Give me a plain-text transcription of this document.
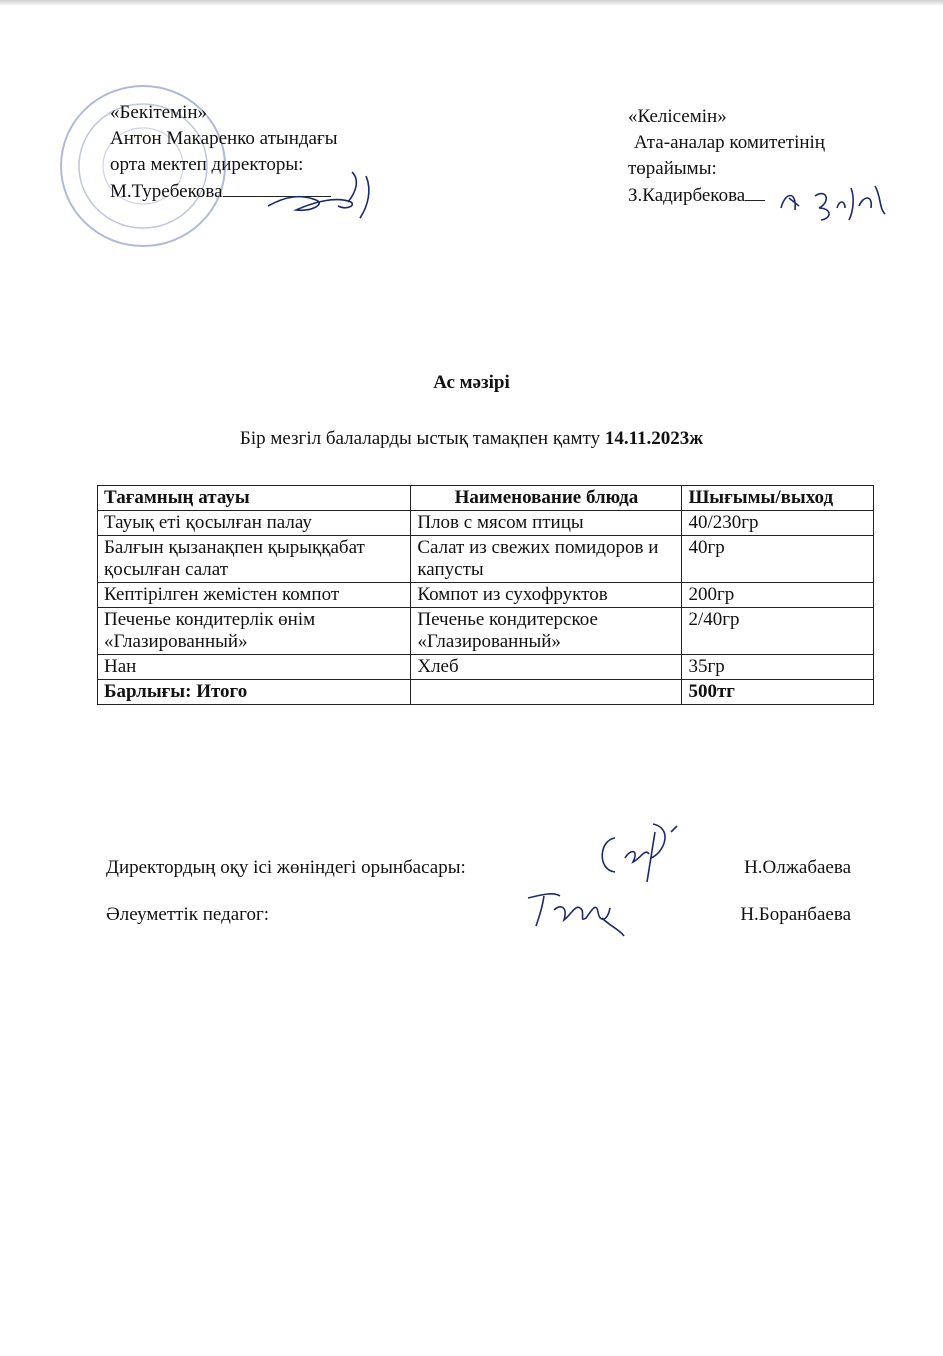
«Бекітемін»
Антон Макаренко атындағы
орта мектеп директоры:
М.Туребекова
«Келісемін»
Ата-аналар комитетінің
төрайымы:
З.Кадирбекова
Ас мәзірі
Бір мезгіл балаларды ыстық тамақпен қамту 14.11.2023ж
Тағамның атауы	Наименование блюда	Шығымы/выход
Тауық еті қосылған палау	Плов с мясом птицы	40/230гр
Балғын қызанақпен қырыққабат қосылған салат	Салат из свежих помидоров и капусты	40гр
Кептірілген жемістен компот	Компот из сухофруктов	200гр
Печенье кондитерлік өнім «Глазированный»	Печенье кондитерское «Глазированный»	2/40гр
Нан	Хлеб	35гр
Барлығы: Итого		500тг
Директордың оқу ісі жөніндегі орынбасары:	Н.Олжабаева
Әлеуметтік педагог:	Н.Боранбаева
